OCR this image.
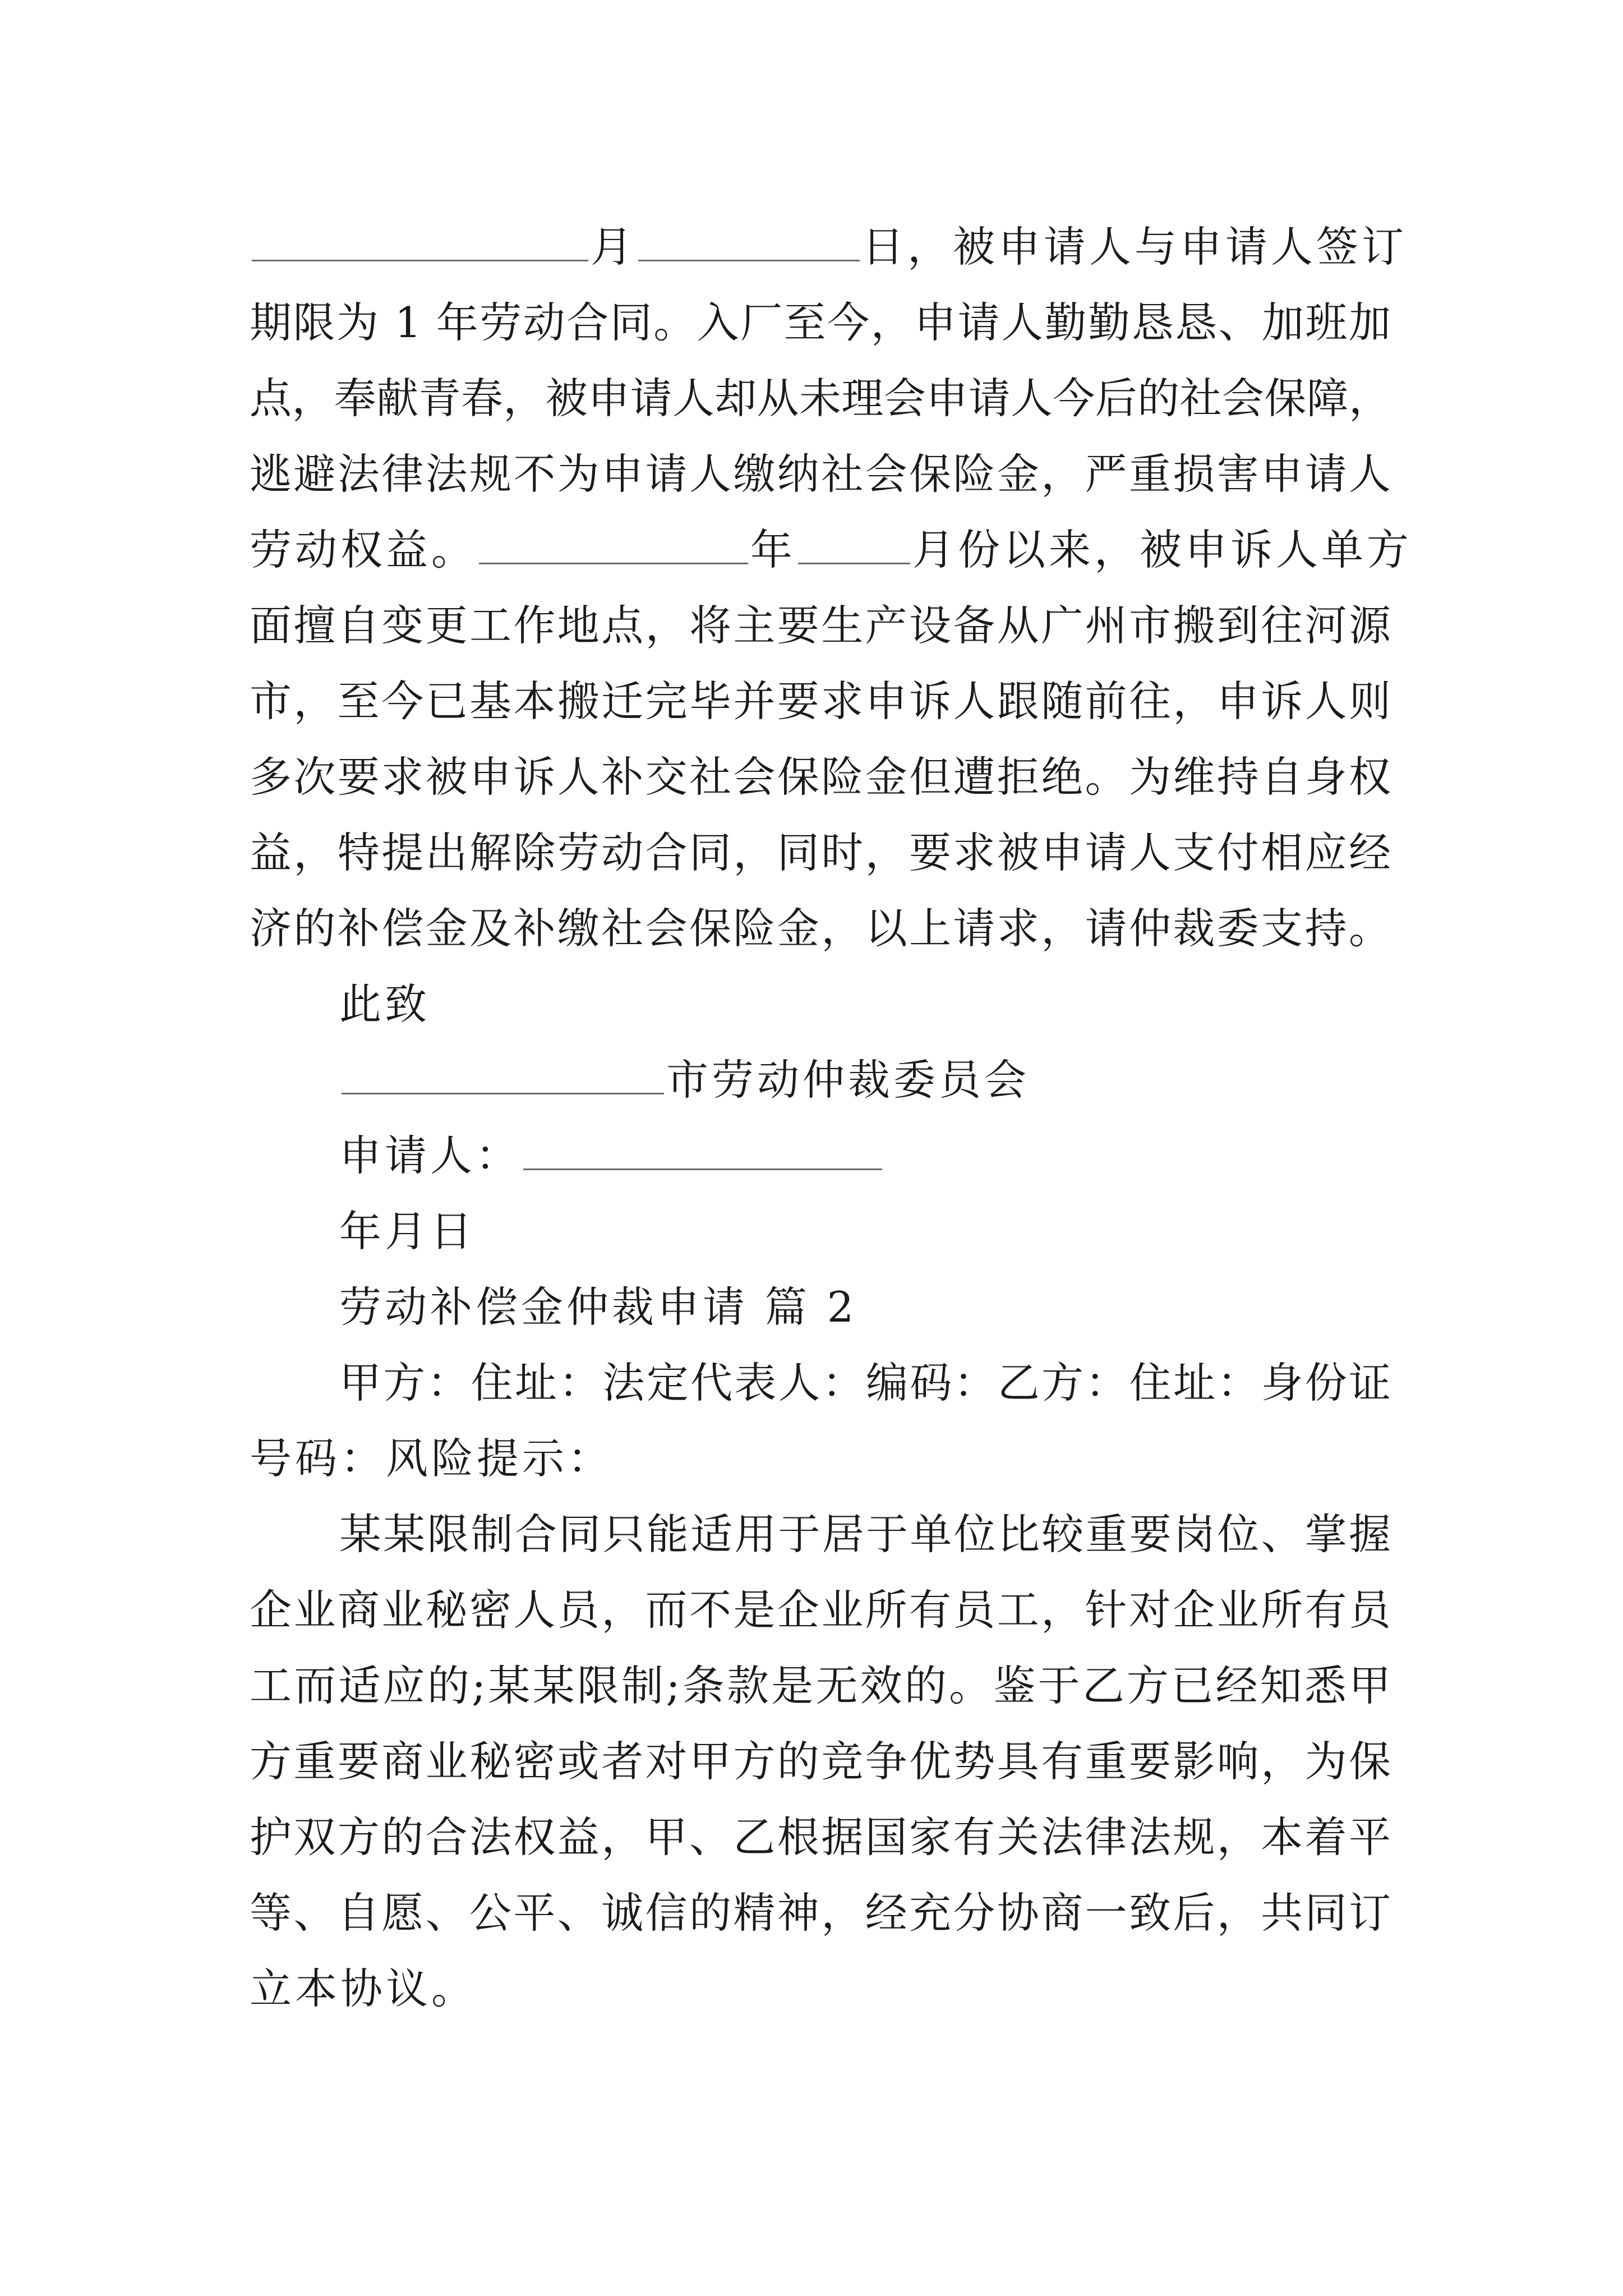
月	日，被申请人与申请人签订
期限为 1 年劳动合同。入厂至今，申请人勤勤恳恳、加班加
点，奉献青春，被申请人却从未理会申请人今后的社会保障，
逃避法律法规不为申请人缴纳社会保险金，严重损害申请人
劳动权益。	年	月份以来，被申诉人单方
面擅自变更工作地点，将主要生产设备从广州市搬到往河源
市，至今已基本搬迁完毕并要求申诉人跟随前往，申诉人则
多次要求被申诉人补交社会保险金但遭拒绝。为维持自身权
益，特提出解除劳动合同，同时，要求被申请人支付相应经
济的补偿金及补缴社会保险金，以上请求，请仲裁委支持。
此致
市劳动仲裁委员会
申请人：
年月日
劳动补偿金仲裁申请 篇 2
甲方：住址：法定代表人：编码：乙方：住址：身份证
号码：风险提示：
某某限制合同只能适用于居于单位比较重要岗位、掌握
企业商业秘密人员，而不是企业所有员工，针对企业所有员
工而适应的;某某限制;条款是无效的。鉴于乙方已经知悉甲
方重要商业秘密或者对甲方的竞争优势具有重要影响，为保
护双方的合法权益，甲、乙根据国家有关法律法规，本着平
等、自愿、公平、诚信的精神，经充分协商一致后，共同订
立本协议。
